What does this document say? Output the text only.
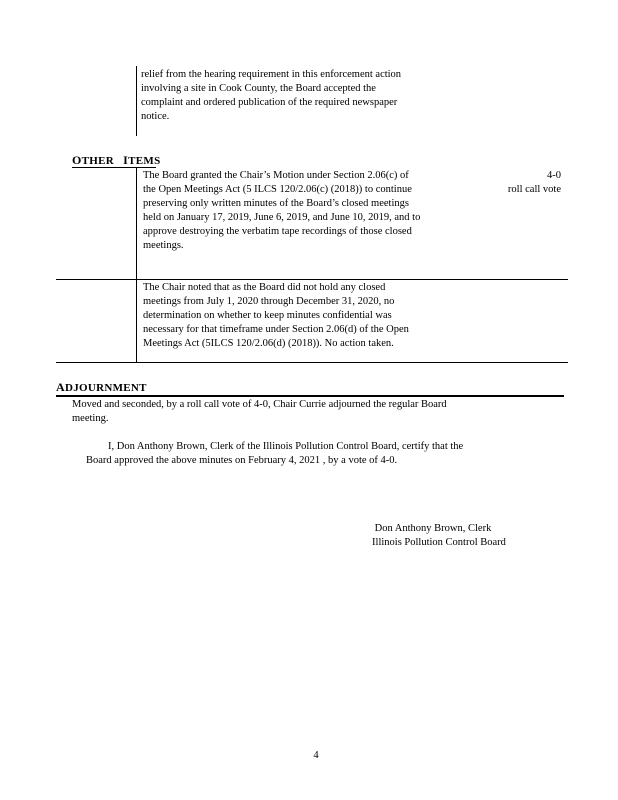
relief from the hearing requirement in this enforcement action
involving a site in Cook County, the Board accepted the
complaint and ordered publication of the required newspaper
notice.
OTHER ITEMS
The Board granted the Chair’s Motion under Section 2.06(c) of
the Open Meetings Act (5 ILCS 120/2.06(c) (2018)) to continue
preserving only written minutes of the Board’s closed meetings
held on January 17, 2019, June 6, 2019, and June 10, 2019, and to
approve destroying the verbatim tape recordings of those closed
meetings.
4-0
roll call vote
The Chair noted that as the Board did not hold any closed
meetings from July 1, 2020 through December 31, 2020, no
determination on whether to keep minutes confidential was
necessary for that timeframe under Section 2.06(d) of the Open
Meetings Act (5ILCS 120/2.06(d) (2018)). No action taken.
ADJOURNMENT
Moved and seconded, by a roll call vote of 4-0, Chair Currie adjourned the regular Board
meeting.
I, Don Anthony Brown, Clerk of the Illinois Pollution Control Board, certify that the
Board approved the above minutes on February 4, 2021 , by a vote of 4-0.
Don Anthony Brown, Clerk
Illinois Pollution Control Board
4
